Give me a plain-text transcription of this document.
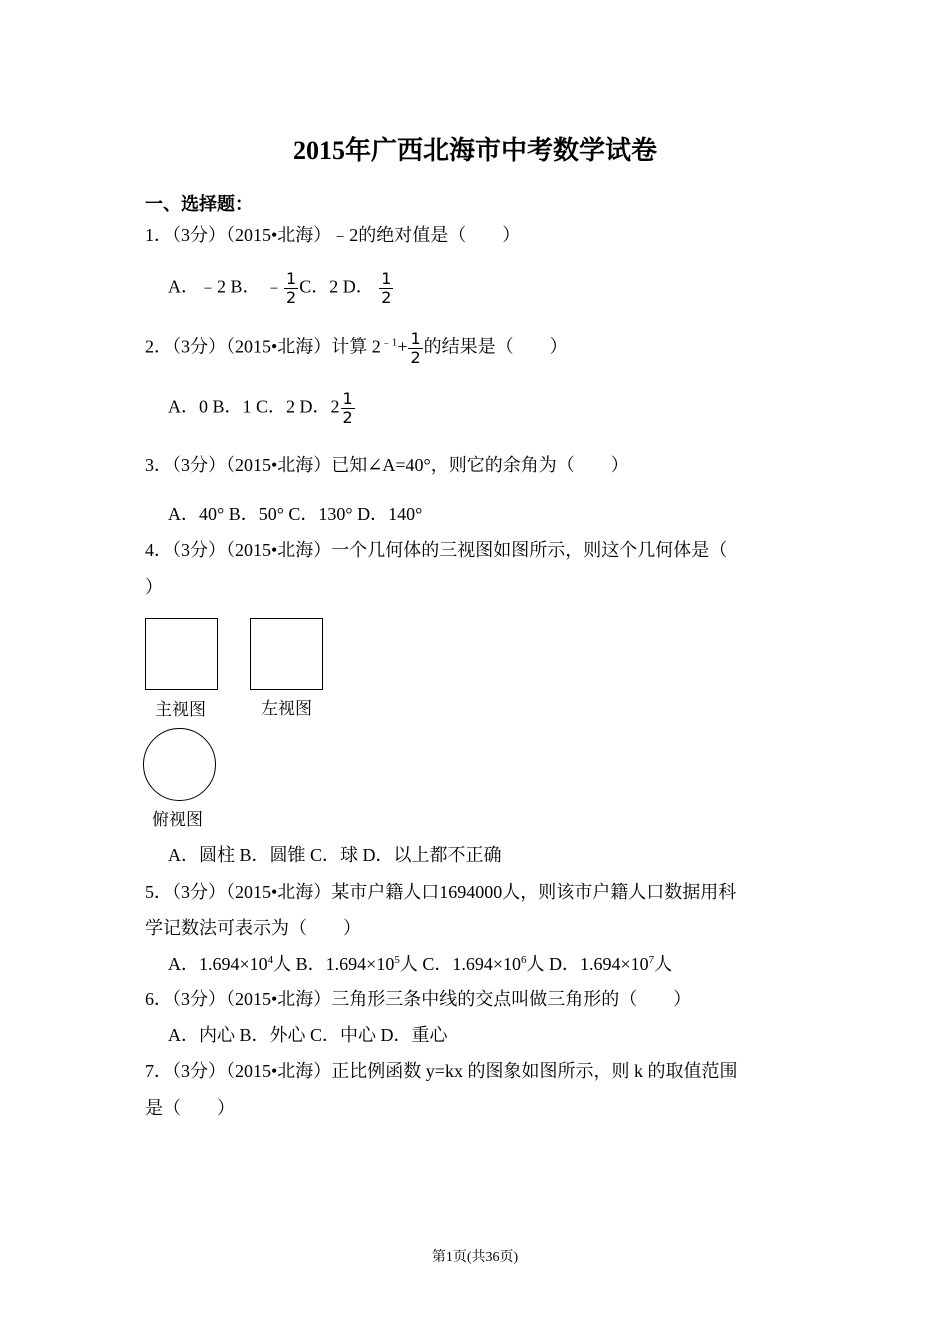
2015年广西北海市中考数学试卷
一、选择题：
1．（3分）（2015•北海）﹣2的绝对值是（　　）
A．﹣2 B． ﹣ $\frac{1}{2}$ C．2 D． $\frac{1}{2}$
2．（3分）（2015•北海）计算 $2^{﹣1}+ \frac{1}{2}$ 的结果是（　　）
A．0 B．1 C．2 D．$2 \frac{1}{2}$
3．（3分）（2015•北海）已知∠A=40°，则它的余角为（　　）
A．40° B．50° C．130° D．140°
4．（3分）（2015•北海）一个几何体的三视图如图所示，则这个几何体是（
）
主视图	左视图
俯视图
A．圆柱 B．圆锥 C．球 D．以上都不正确
5．（3分）（2015•北海）某市户籍人口1694000人，则该市户籍人口数据用科
学记数法可表示为（　　）
A．$1.694\times 10^4$人 B．$1.694\times 10^5$人 C．$1.694\times 10^6$人 D．$1.694\times 10^7$人
6．（3分）（2015•北海）三角形三条中线的交点叫做三角形的（　　）
A．内心 B．外心 C．中心 D．重心
7．（3分）（2015•北海）正比例函数 y=kx 的图象如图所示，则 k 的取值范围
是（　　）
第1页(共36页)
